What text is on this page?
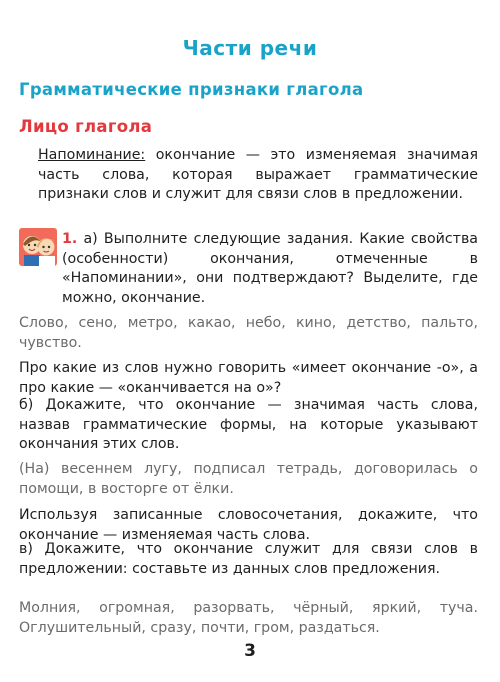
Части речи
Грамматические признаки глагола
Лицо глагола
Напоминание: окончание — это изменяемая значимая часть слова, которая выражает грамматические признаки слов и служит для связи слов в предложении.
1. а) Выполните следующие задания. Какие свойства (особенности) окончания, отмеченные в «Напоминании», они подтверждают? Выделите, где можно, окончание.
Слово, сено, метро, какао, небо, кино, детство, пальто, чувство.
Про какие из слов нужно говорить «имеет окончание -о», а про какие — «оканчивается на о»?
б) Докажите, что окончание — значимая часть слова, назвав грамматические формы, на которые указывают окончания этих слов.
(На) весеннем лугу, подписал тетрадь, договорилась о помощи, в восторге от ёлки.
Используя записанные словосочетания, докажите, что окончание — изменяемая часть слова.
в) Докажите, что окончание служит для связи слов в предложении: составьте из данных слов предложения.
Молния, огромная, разорвать, чёрный, яркий, туча. Оглушительный, сразу, почти, гром, раздаться.
3
